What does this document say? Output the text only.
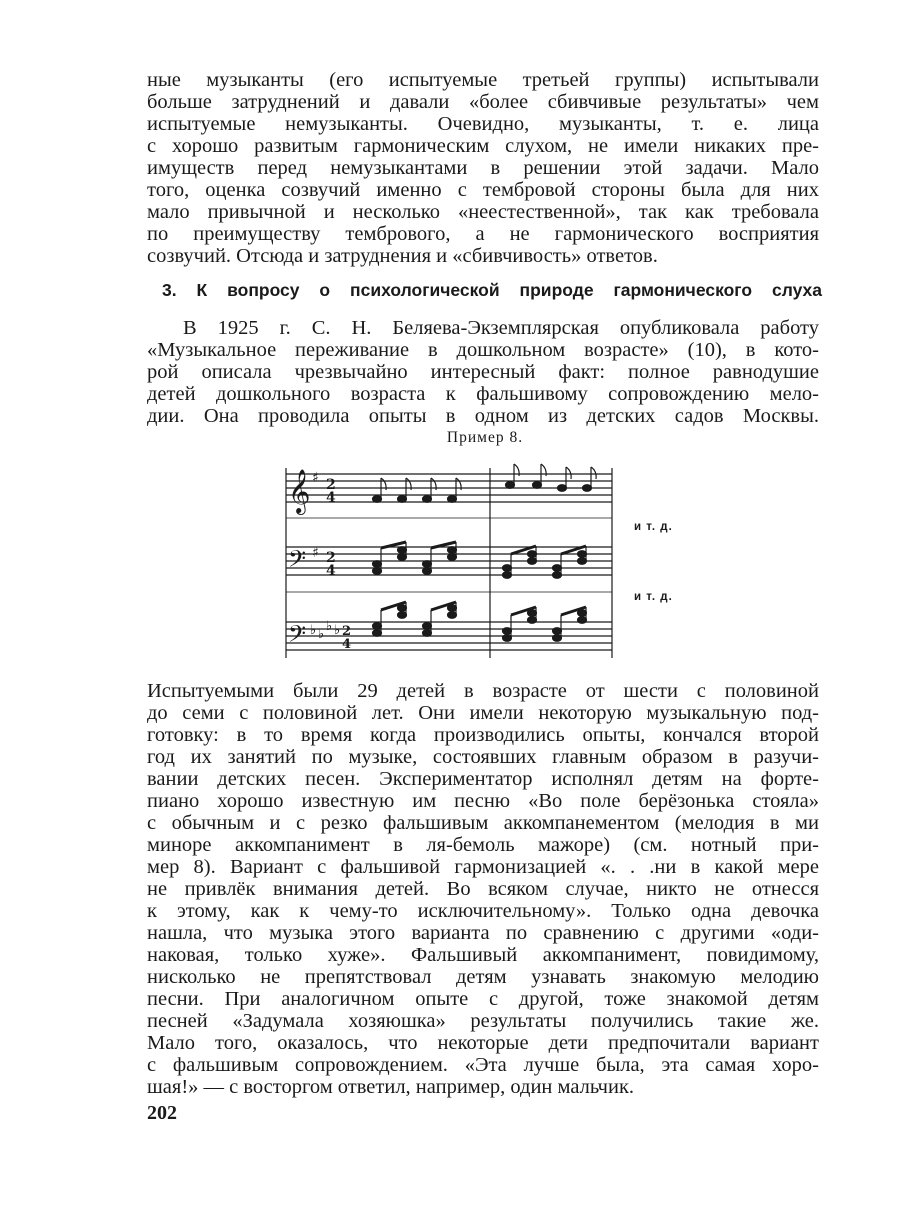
ные музыканты (его испытуемые третьей группы) испытывали
больше затруднений и давали «более сбивчивые результаты» чем
испытуемые немузыканты. Очевидно, музыканты, т. е. лица
с хорошо развитым гармоническим слухом, не имели никаких пре-
имуществ перед немузыкантами в решении этой задачи. Мало
того, оценка созвучий именно с тембровой стороны была для них
мало привычной и несколько «неестественной», так как требовала
по преимуществу тембрового, а не гармонического восприятия
созвучий. Отсюда и затруднения и «сбивчивость» ответов.
3. К вопросу о психологической природе гармонического слуха
В 1925 г. С. Н. Беляева-Экземплярская опубликовала работу
«Музыкальное переживание в дошкольном возрасте» (10), в кото-
рой описала чрезвычайно интересный факт: полное равнодушие
детей дошкольного возраста к фальшивому сопровождению мело-
дии. Она проводила опыты в одном из детских садов Москвы.
Пример 8.
𝄞 ♯ 2
4
𝄢 ♯ 2
4
𝄢 ♭ ♭
♭ ♭ 2
4
и т. д.
и т. д.
Испытуемыми были 29 детей в возрасте от шести с половиной
до семи с половиной лет. Они имели некоторую музыкальную под-
готовку: в то время когда производились опыты, кончался второй
год их занятий по музыке, состоявших главным образом в разучи-
вании детских песен. Экспериментатор исполнял детям на форте-
пиано хорошо известную им песню «Во поле берёзонька стояла»
с обычным и с резко фальшивым аккомпанементом (мелодия в ми
миноре аккомпанимент в ля-бемоль мажоре) (см. нотный при-
мер 8). Вариант с фальшивой гармонизацией «. . .ни в какой мере
не привлёк внимания детей. Во всяком случае, никто не отнесся
к этому, как к чему-то исключительному». Только одна девочка
нашла, что музыка этого варианта по сравнению с другими «оди-
наковая, только хуже». Фальшивый аккомпанимент, повидимому,
нисколько не препятствовал детям узнавать знакомую мелодию
песни. При аналогичном опыте с другой, тоже знакомой детям
песней «Задумала хозяюшка» результаты получились такие же.
Мало того, оказалось, что некоторые дети предпочитали вариант
с фальшивым сопровождением. «Эта лучше была, эта самая хоро-
шая!» — с восторгом ответил, например, один мальчик.
202
